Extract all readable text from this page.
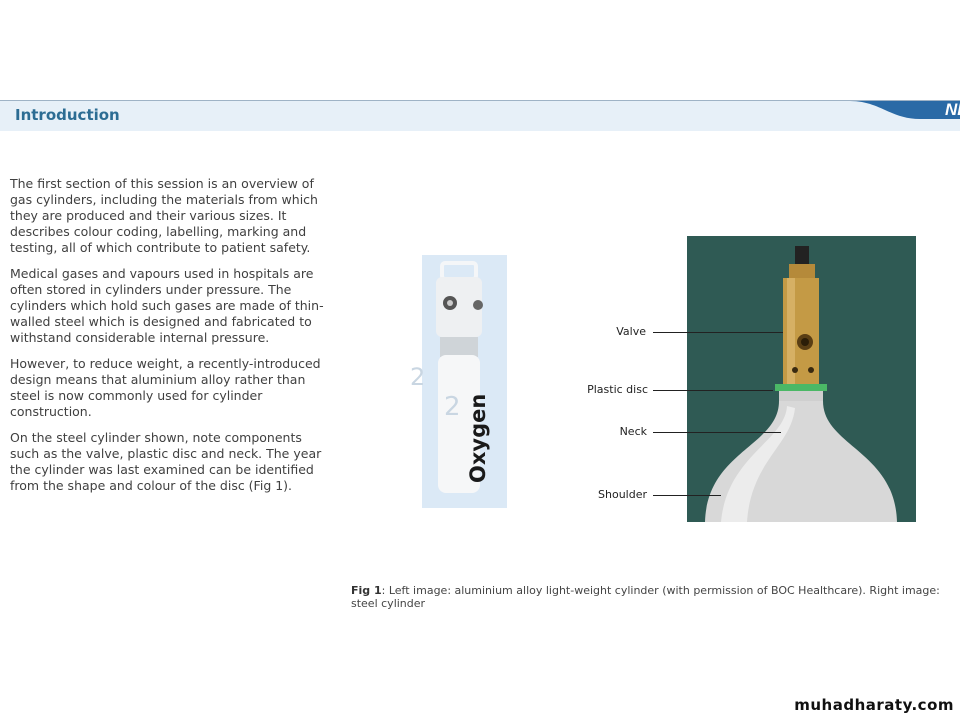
Introduction	NI

The first section of this session is an overview of gas cylinders, including the materials from which they are produced and their various sizes. It describes colour coding, labelling, marking and testing, all of which contribute to patient safety.

Medical gases and vapours used in hospitals are often stored in cylinders under pressure. The cylinders which hold such gases are made of thin-walled steel which is designed and fabricated to withstand considerable internal pressure.

However, to reduce weight, a recently-introduced design means that aluminium alloy rather than steel is now commonly used for cylinder construction.

On the steel cylinder shown, note components such as the valve, plastic disc and neck. The year the cylinder was last examined can be identified from the shape and colour of the disc (Fig 1).

2
2 Oxygen
Valve
Plastic disc
Neck
Shoulder
Fig 1: Left image: aluminium alloy light-weight cylinder (with permission of BOC Healthcare). Right image: steel cylinder
muhadharaty.com
